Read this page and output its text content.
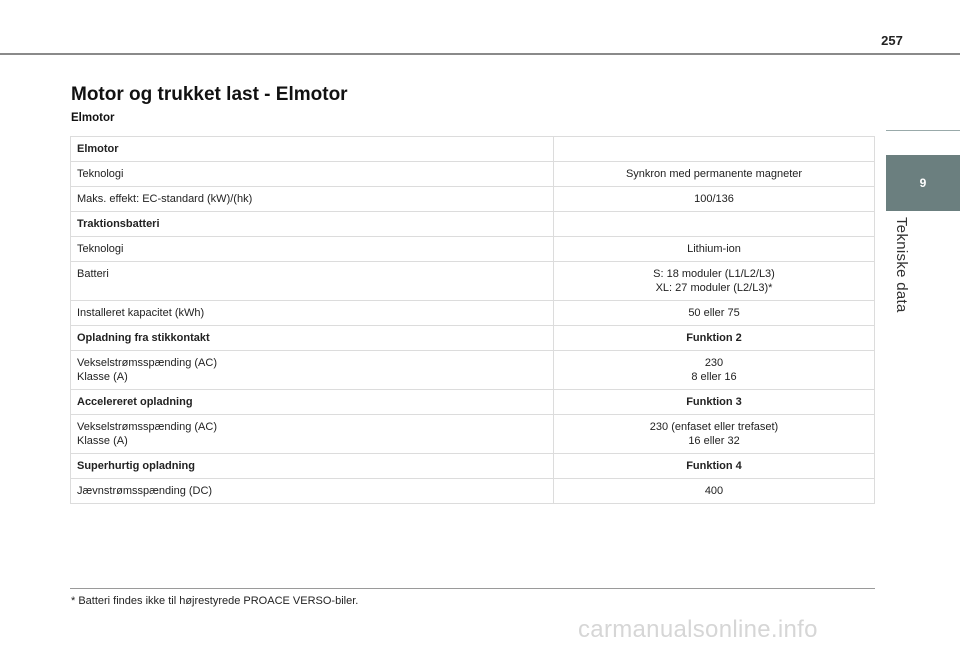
257
9
Tekniske data
Motor og trukket last - Elmotor
Elmotor
Elmotor	

Teknologi	Synkron med permanente magneter

Maks. effekt: EC-standard (kW)/(hk)	100/136

Traktionsbatteri	

Teknologi	Lithium-ion

Batteri	S: 18 moduler (L1/L2/L3)
XL: 27 moduler (L2/L3)*

Installeret kapacitet (kWh)	50 eller 75

Opladning fra stikkontakt	Funktion 2

Vekselstrømsspænding (AC)
Klasse (A)	230
8 eller 16

Accelereret opladning	Funktion 3

Vekselstrømsspænding (AC)
Klasse (A)	230 (enfaset eller trefaset)
16 eller 32

Superhurtig opladning	Funktion 4

Jævnstrømsspænding (DC)	400
* Batteri findes ikke til højrestyrede PROACE VERSO-biler.
carmanualsonline.info
